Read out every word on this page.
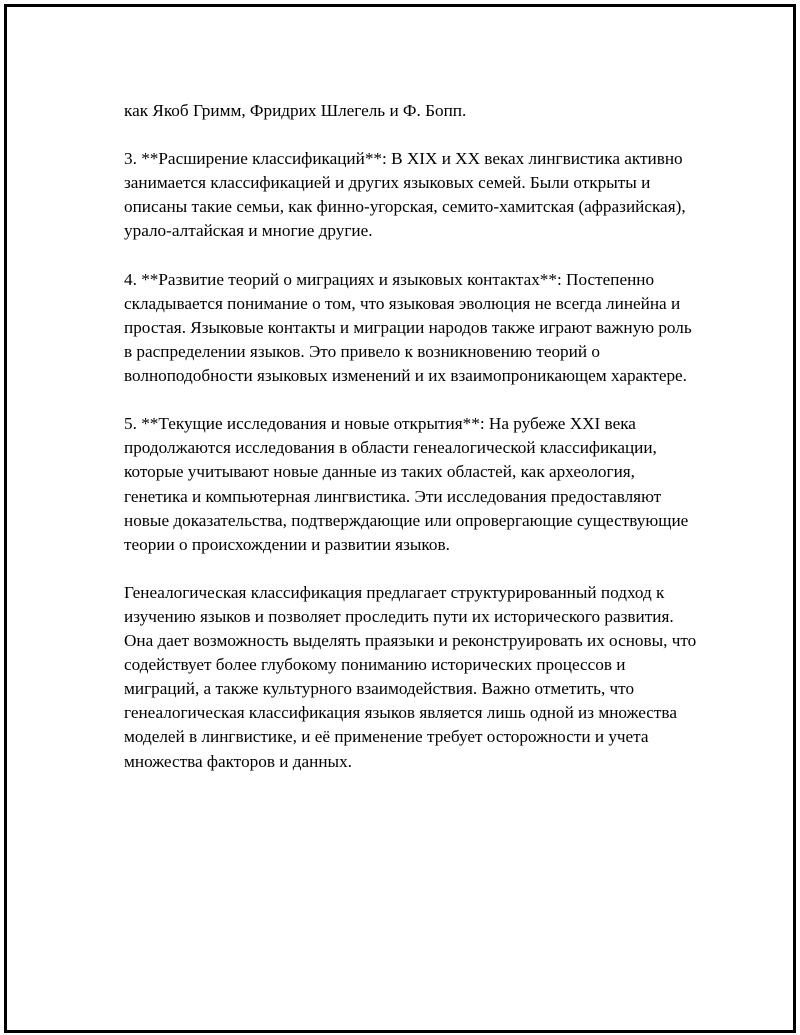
как Якоб Гримм, Фридрих Шлегель и Ф. Бопп.

3. **Расширение классификаций**: В XIX и XX веках лингвистика активно занимается классификацией и других языковых семей. Были открыты и описаны такие семьи, как финно-угорская, семито-хамитская (афразийская), урало-алтайская и многие другие.

4. **Развитие теорий о миграциях и языковых контактах**: Постепенно складывается понимание о том, что языковая эволюция не всегда линейна и простая. Языковые контакты и миграции народов также играют важную роль в распределении языков. Это привело к возникновению теорий о волноподобности языковых изменений и их взаимопроникающем характере.

5. **Текущие исследования и новые открытия**: На рубеже XXI века продолжаются исследования в области генеалогической классификации, которые учитывают новые данные из таких областей, как археология, генетика и компьютерная лингвистика. Эти исследования предоставляют новые доказательства, подтверждающие или опровергающие существующие теории о происхождении и развитии языков.

Генеалогическая классификация предлагает структурированный подход к изучению языков и позволяет проследить пути их исторического развития. Она дает возможность выделять праязыки и реконструировать их основы, что содействует более глубокому пониманию исторических процессов и миграций, а также культурного взаимодействия. Важно отметить, что генеалогическая классификация языков является лишь одной из множества моделей в лингвистике, и её применение требует осторожности и учета множества факторов и данных.
